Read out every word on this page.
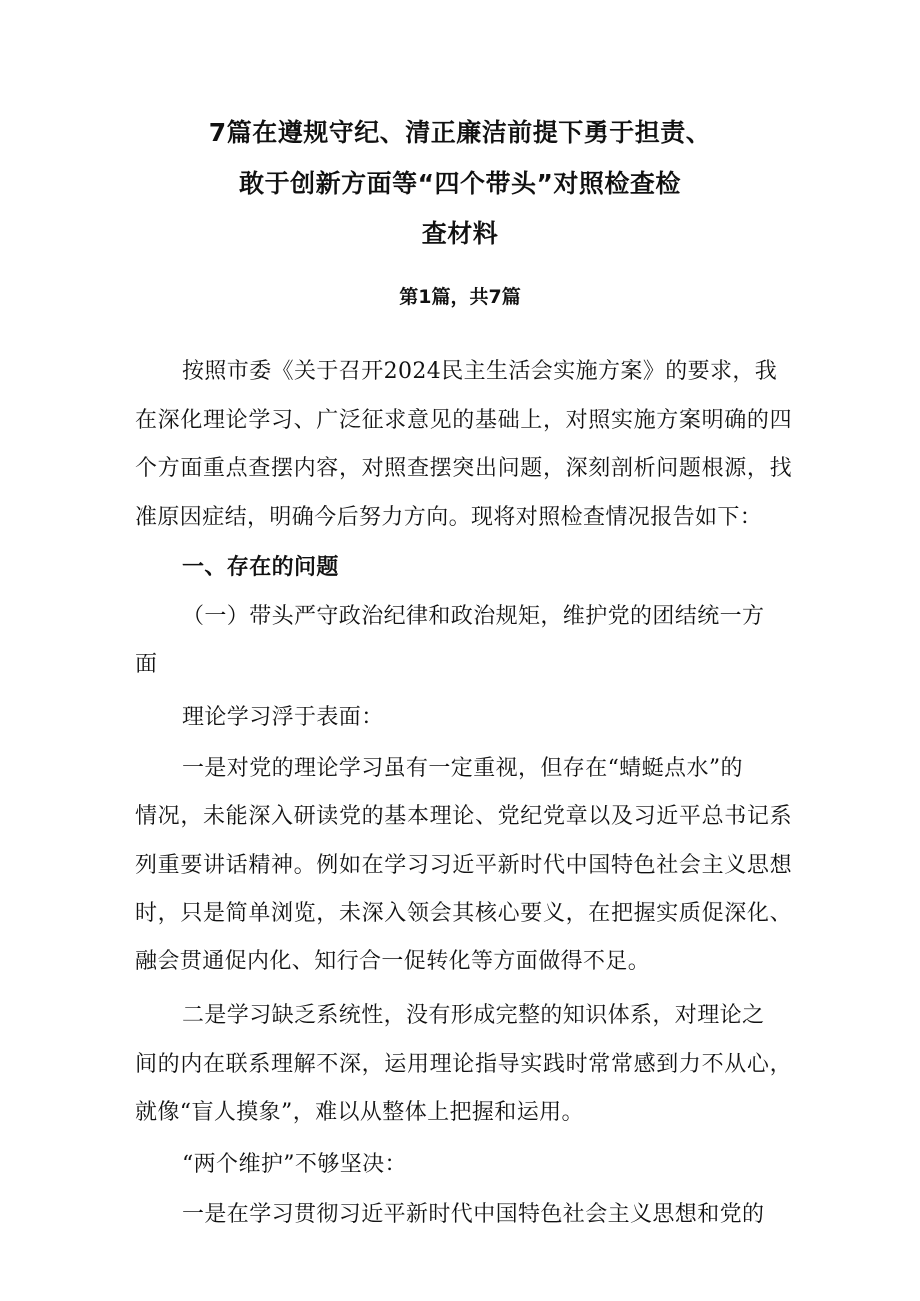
7篇在遵规守纪、清正廉洁前提下勇于担责、
敢于创新方面等“四个带头”对照检查检
查材料
第1篇，共7篇
按照市委《关于召开2024民主生活会实施方案》的要求，我
在深化理论学习、广泛征求意见的基础上，对照实施方案明确的四
个方面重点查摆内容，对照查摆突出问题，深刻剖析问题根源，找
准原因症结，明确今后努力方向。现将对照检查情况报告如下：
一、存在的问题
（一）带头严守政治纪律和政治规矩，维护党的团结统一方
面
理论学习浮于表面：
一是对党的理论学习虽有一定重视，但存在“蜻蜓点水”的
情况，未能深入研读党的基本理论、党纪党章以及习近平总书记系
列重要讲话精神。例如在学习习近平新时代中国特色社会主义思想
时，只是简单浏览，未深入领会其核心要义，在把握实质促深化、
融会贯通促内化、知行合一促转化等方面做得不足。
二是学习缺乏系统性，没有形成完整的知识体系，对理论之
间的内在联系理解不深，运用理论指导实践时常常感到力不从心，
就像“盲人摸象”，难以从整体上把握和运用。
“两个维护”不够坚决：
一是在学习贯彻习近平新时代中国特色社会主义思想和党的
